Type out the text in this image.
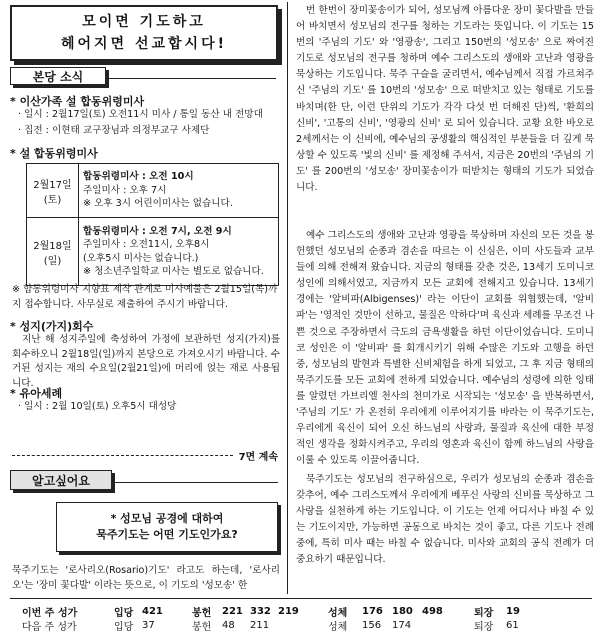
모이면 기도하고
헤어지면 선교합시다!
본당 소식
* 이산가족 설 합동위령미사
· 일시 : 2월17일(토) 오전11시 미사 / 통일 동산 내 전망대
· 집전 : 이현태 교구장님과 의정부교구 사제단
* 설 합동위령미사
2월17일(토)	합동위령미사 : 오전 10시
주일미사 : 오후 7시
※ 오후 3시 어린이미사는 없습니다.

2월18일(일)	합동위령미사 : 오전 7시, 오전 9시
주일미사 : 오전11시, 오후8시
(오후5시 미사는 없습니다.)
※ 청소년주일학교 미사는 별도로 없습니다.
※ 합동위령미사 지향표 제작 관계로 미사예물은 2월15일(목)까지 접수합니다. 사무실로 제출하여 주시기 바랍니다.
* 성지(가지)회수
지난 해 성지주일에 축성하여 가정에 보관하던 성지(가지)를 회수하오니 2월18일(일)까지 본당으로 가져오시기 바랍니다. 수거된 성지는 재의 수요일(2월21일)에 머리에 얹는 재로 사용됩니다.
* 유아세례
· 일시 : 2월 10일(토) 오후5시 대성당
7면 계속
알고싶어요
* 성모님 공경에 대하여
묵주기도는 어떤 기도인가요?
묵주기도는 '로사리오(Rosario)기도' 라고도 하는데, '로사리오'는 '장미 꽃다발' 이라는 뜻으로, 이 기도의 '성모송' 한
번 한번이 장미꽃송이가 되어, 성모님께 아름다운 장미 꽃다발을 만들어 바치면서 성모님의 전구를 청하는 기도라는 뜻입니다. 이 기도는 15번의 '주님의 기도' 와 '영광송', 그리고 150번의 '성모송' 으로 짜여진 기도로 성모님의 전구를 청하며 예수 그리스도의 생애와 고난과 영광을 묵상하는 기도입니다. 묵주 구슬을 굴리면서, 예수님께서 직접 가르쳐주신 '주님의 기도' 를 10번의 '성모송' 으로 떠받치고 있는 형태로 기도를 바치며(한 단, 이런 단위의 기도가 각각 다섯 번 더해진 단)씩, '환희의 신비', '고통의 신비', '영광의 신비' 로 되어 있습니다. 교황 요한 바오로 2세께서는 이 신비에, 예수님의 공생활의 핵심적인 부분들을 더 깊게 묵상할 수 있도록 '빛의 신비' 를 제정해 주셔서, 지금은 20번의 '주님의 기도' 를 200번의 '성모송' 장미꽃송이가 떠받치는 형태의 기도가 되었습니다.
예수 그리스도의 생애와 고난과 영광을 묵상하며 자신의 모든 것을 봉헌했던 성모님의 순종과 겸손을 따르는 이 신심은, 이미 사도들과 교부들에 의해 전해져 왔습니다. 지금의 형태를 갖춘 것은, 13세기 도미니코 성인에 의해서였고, 지금까지 모든 교회에 전해지고 있습니다. 13세기경에는 '알비파(Albigenses)' 라는 이단이 교회를 위협했는데, '알비파'는 '영적인 것만이 선하고, 물질은 악하다'며 육신과 세례를 무조건 나쁜 것으로 주장하면서 극도의 금욕생활을 하던 이단이었습니다. 도미니코 성인은 이 '알비파' 를 회개시키기 위해 수많은 기도와 고행을 하던 중, 성모님의 발현과 특별한 신비체험을 하게 되었고, 그 후 지금 형태의 묵주기도를 모든 교회에 전하게 되었습니다. 예수님의 성령에 의한 잉태를 알렸던 가브리엘 천사의 천미가로 시작되는 '성모송' 을 반복하면서, '주님의 기도' 가 온전히 우리에게 이루어지기를 바라는 이 묵주기도는, 우리에게 육신이 되어 오신 하느님의 사랑과, 물질과 육신에 대한 부정적인 생각을 정화시켜주고, 우리의 영혼과 육신이 함께 하느님의 사랑을 이룰 수 있도록 이끌어줍니다.
묵주기도는 성모님의 전구하심으로, 우리가 성모님의 순종과 겸손을 갖추어, 예수 그리스도께서 우리에게 베푸신 사랑의 신비를 묵상하고 그 사랑을 실천하게 하는 기도입니다. 이 기도는 언제 어디서나 바칠 수 있는 기도이지만, 가능하면 공동으로 바치는 것이 좋고, 다른 기도나 전례 중에, 특히 미사 때는 바칠 수 없습니다. 미사와 교회의 공식 전례가 더 중요하기 때문입니다.
이번 주 성가	입당 421	봉헌	221 332 219	성체	176 180 498	퇴장	19
다음 주 성가	입당 37	봉헌	48	211	성체	156	174	퇴장	61
